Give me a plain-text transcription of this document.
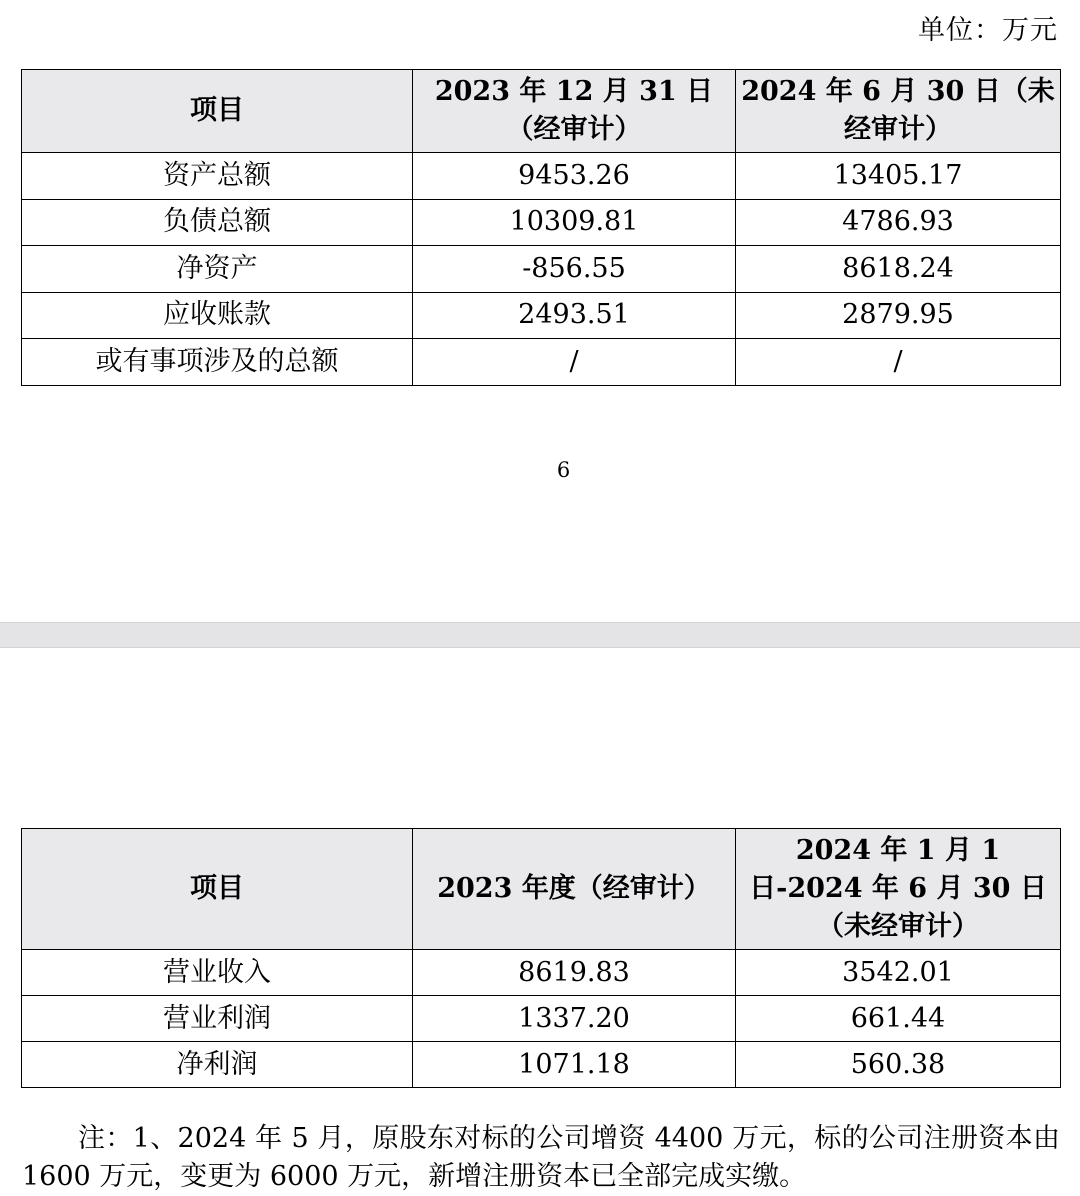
单位：万元
项目	2023 年 12 月 31 日（经审计）	2024 年 6 月 30 日（未经审计）
资产总额	9453.26	13405.17
负债总额	10309.81	4786.93
净资产	-856.55	8618.24
应收账款	2493.51	2879.95
或有事项涉及的总额	/	/
6
项目	2023 年度（经审计）	2024 年 1 月 1 日-2024 年 6 月 30 日（未经审计）
营业收入	8619.83	3542.01
营业利润	1337.20	661.44
净利润	1071.18	560.38

注：1、2024 年 5 月，原股东对标的公司增资 4400 万元，标的公司注册资本由 1600 万元，变更为 6000 万元，新增注册资本已全部完成实缴。
